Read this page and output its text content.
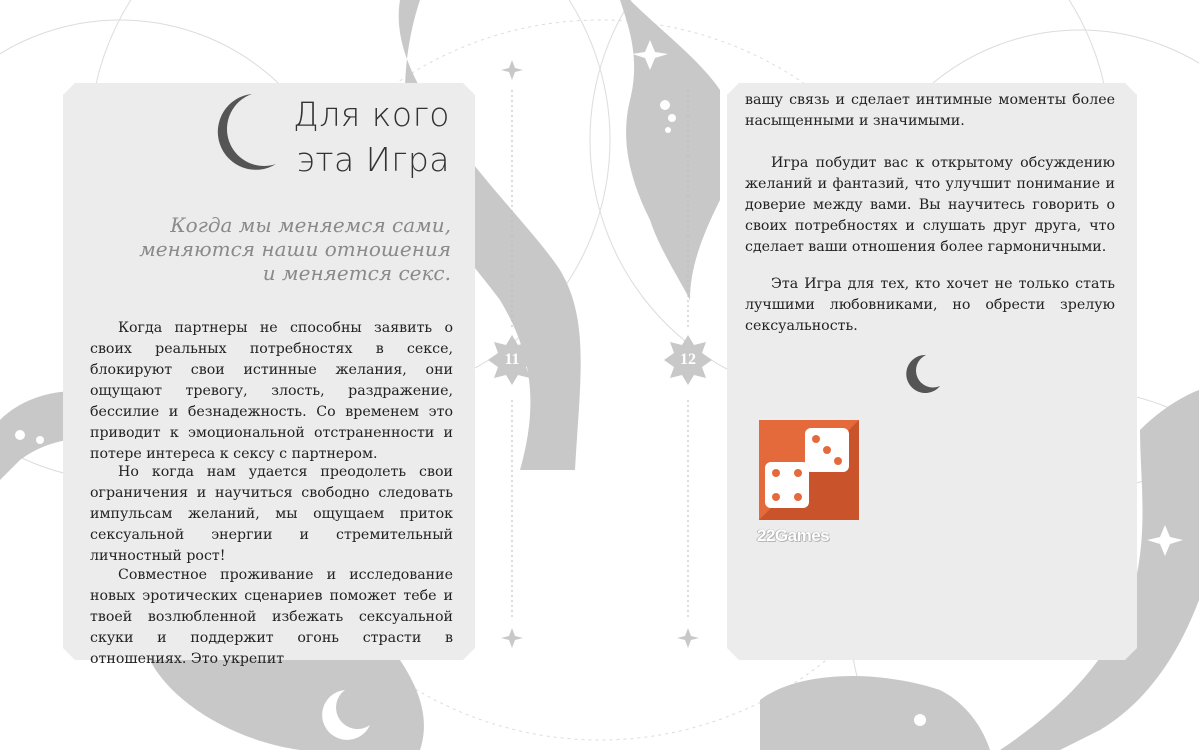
Для кого
эта Игра
Когда мы меняемся сами,
меняются наши отношения
и меняется секс.

Когда партнеры не способны заявить о своих реальных потребностях в сексе, блокируют свои истинные желания, они ощущают тревогу, злость, раздражение, бессилие и безнадежность. Со временем это приводит к эмоциональной отстраненности и потере интереса к сексу с партнером.

Но когда нам удается преодолеть свои ограничения и научиться свободно следовать импульсам желаний, мы ощущаем приток сексуальной энергии и стремительный личностный рост!

Совместное проживание и исследование новых эротических сценариев поможет тебе и твоей возлюбленной избежать сексуальной скуки и поддержит огонь страсти в отношениях. Это укрепит

11

вашу связь и сделает интимные моменты более насыщенными и значимыми.

Игра побудит вас к открытому обсуждению желаний и фантазий, что улучшит понимание и доверие между вами. Вы научитесь говорить о своих потребностях и слушать друг друга, что сделает ваши отношения более гармоничными.

Эта Игра для тех, кто хочет не только стать лучшими любовниками, но обрести зрелую сексуальность.

12
22Games
